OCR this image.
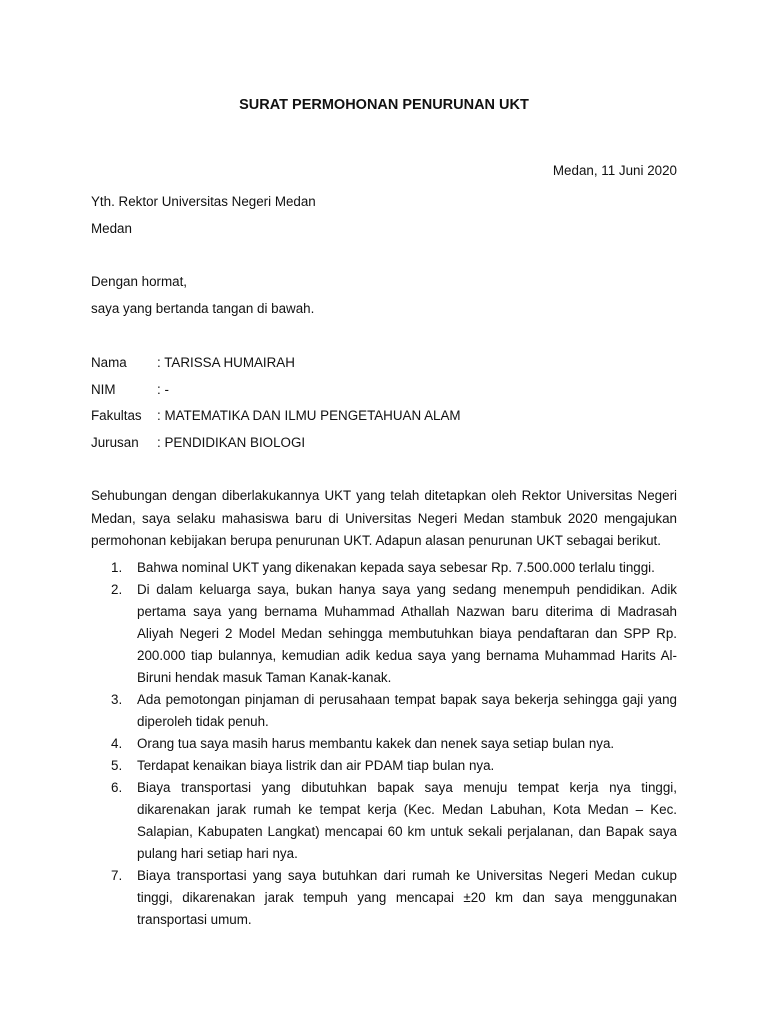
SURAT PERMOHONAN PENURUNAN UKT
Medan, 11 Juni 2020
Yth. Rektor Universitas Negeri Medan
Medan
Dengan hormat,
saya yang bertanda tangan di bawah.
Nama : TARISSA HUMAIRAH
NIM	: -
Fakultas : MATEMATIKA DAN ILMU PENGETAHUAN ALAM
Jurusan : PENDIDIKAN BIOLOGI

Sehubungan dengan diberlakukannya UKT yang telah ditetapkan oleh Rektor Universitas Negeri Medan, saya selaku mahasiswa baru di Universitas Negeri Medan stambuk 2020 mengajukan permohonan kebijakan berupa penurunan UKT. Adapun alasan penurunan UKT sebagai berikut.

1. Bahwa nominal UKT yang dikenakan kepada saya sebesar Rp. 7.500.000 terlalu tinggi.
2. Di dalam keluarga saya, bukan hanya saya yang sedang menempuh pendidikan. Adik pertama saya yang bernama Muhammad Athallah Nazwan baru diterima di Madrasah Aliyah Negeri 2 Model Medan sehingga membutuhkan biaya pendaftaran dan SPP Rp. 200.000 tiap bulannya, kemudian adik kedua saya yang bernama Muhammad Harits Al-Biruni hendak masuk Taman Kanak-kanak.
3. Ada pemotongan pinjaman di perusahaan tempat bapak saya bekerja sehingga gaji yang diperoleh tidak penuh.
4. Orang tua saya masih harus membantu kakek dan nenek saya setiap bulan nya.
5. Terdapat kenaikan biaya listrik dan air PDAM tiap bulan nya.
6. Biaya transportasi yang dibutuhkan bapak saya menuju tempat kerja nya tinggi, dikarenakan jarak rumah ke tempat kerja (Kec. Medan Labuhan, Kota Medan – Kec. Salapian, Kabupaten Langkat) mencapai 60 km untuk sekali perjalanan, dan Bapak saya pulang hari setiap hari nya.
7. Biaya transportasi yang saya butuhkan dari rumah ke Universitas Negeri Medan cukup tinggi, dikarenakan jarak tempuh yang mencapai ±20 km dan saya menggunakan transportasi umum.
